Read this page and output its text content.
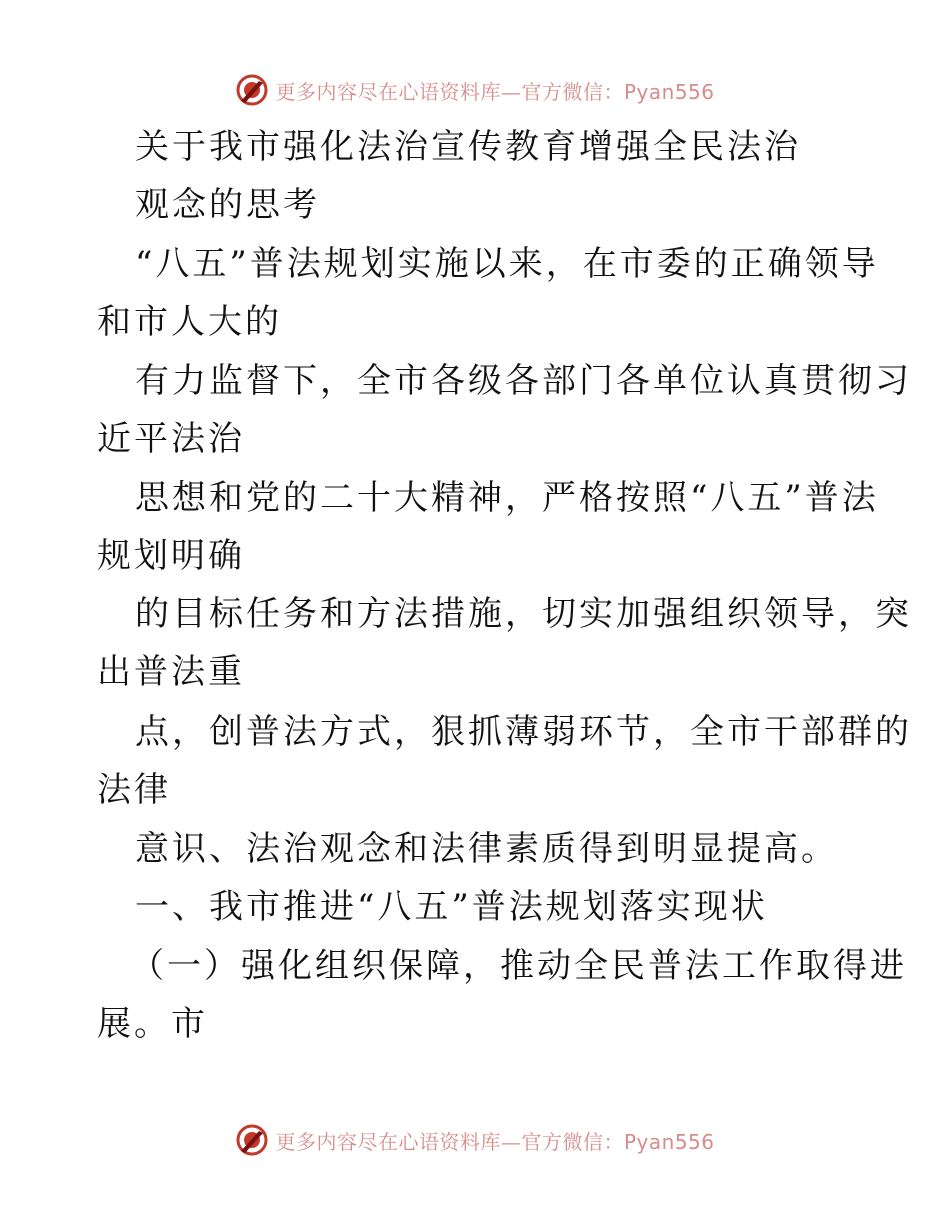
更多内容尽在心语资料库—官方微信：Pyan556

关于我市强化法治宣传教育增强全民法治

观念的思考

“八五”普法规划实施以来，在市委的正确领导

和市人大的

有力监督下，全市各级各部门各单位认真贯彻习

近平法治

思想和党的二十大精神，严格按照“八五”普法

规划明确

的目标任务和方法措施，切实加强组织领导，突

出普法重

点，创普法方式，狠抓薄弱环节，全市干部群的

法律

意识、法治观念和法律素质得到明显提高。

一、我市推进“八五”普法规划落实现状

（一）强化组织保障，推动全民普法工作取得进

展。市

更多内容尽在心语资料库—官方微信：Pyan556
